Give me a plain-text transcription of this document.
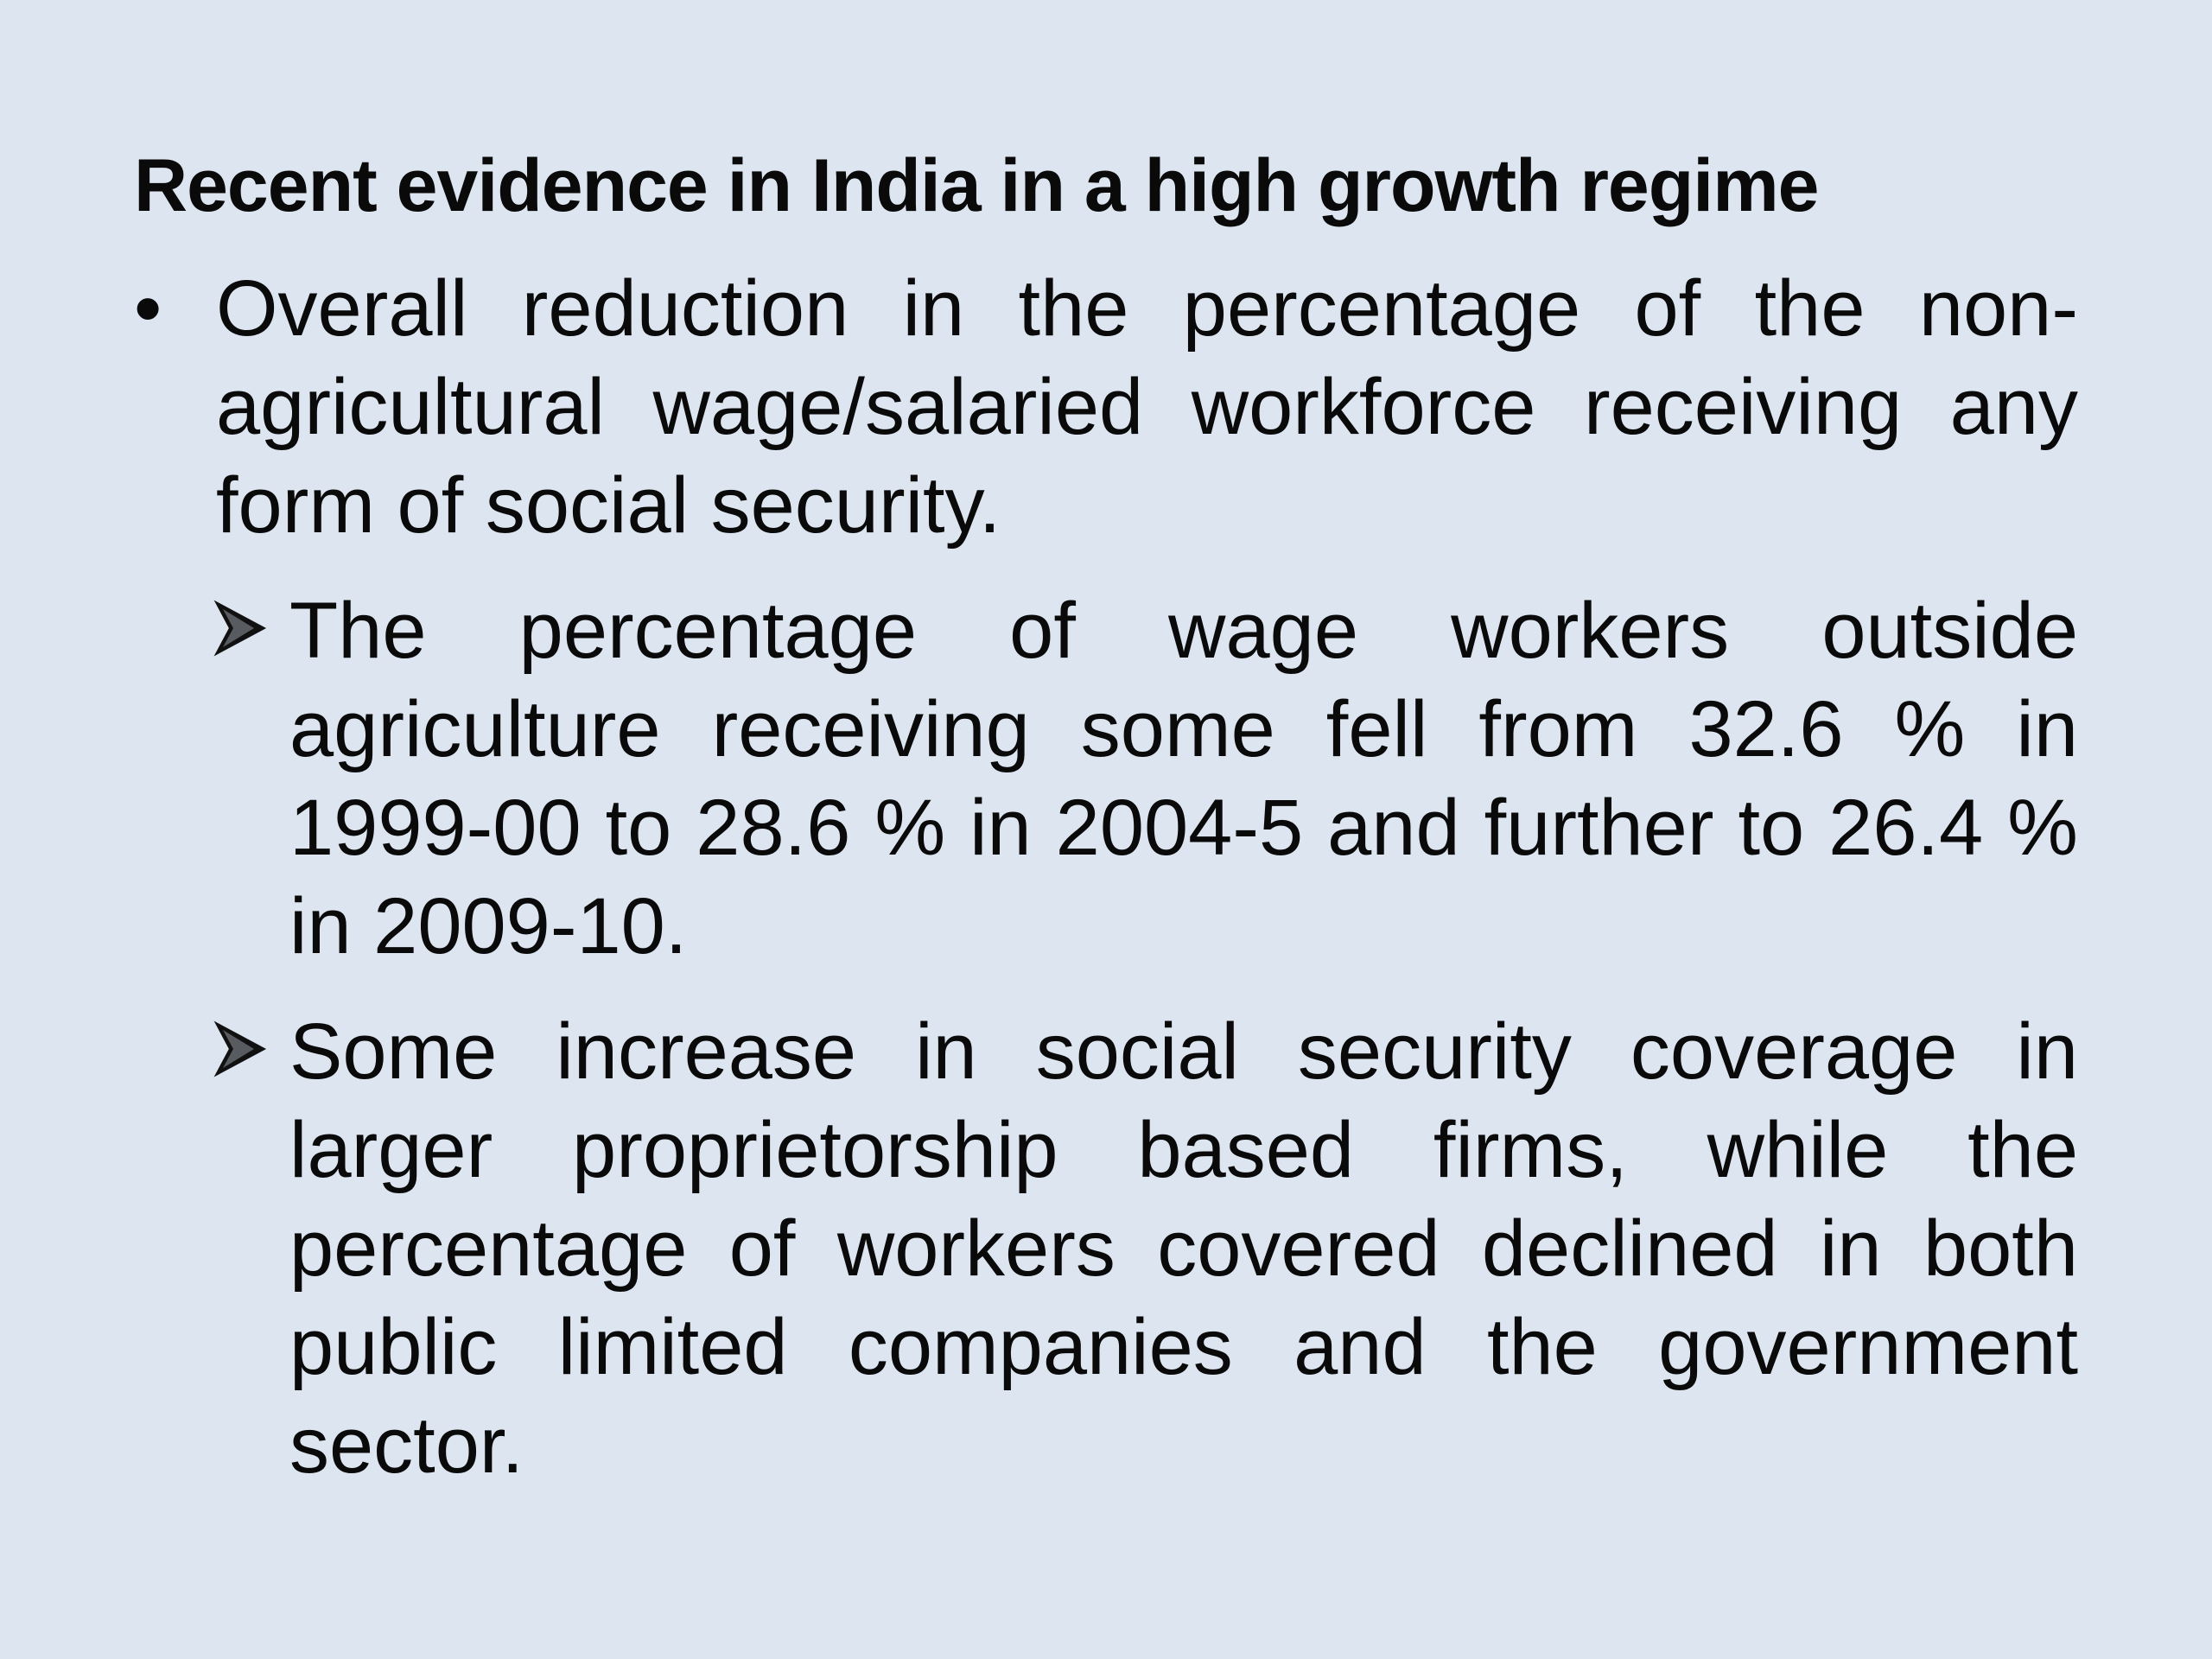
Recent evidence in India in a high growth regime
• Overall reduction in the percentage of the non-agricultural wage/salaried workforce receiving any form of social security.
The percentage of wage workers outside agriculture receiving some fell from 32.6 % in 1999-00 to 28.6 % in 2004-5 and further to 26.4 % in 2009-10.
Some increase in social security coverage in larger proprietorship based firms, while the percentage of workers covered declined in both public limited companies and the government sector.
